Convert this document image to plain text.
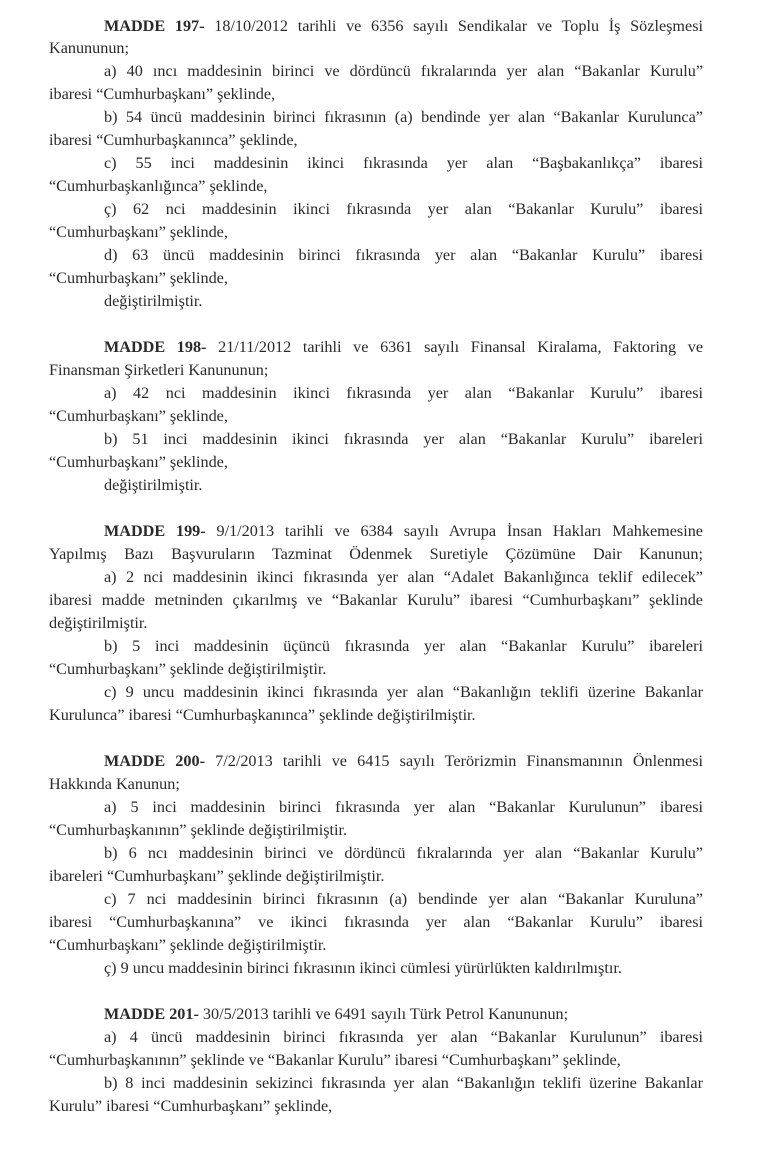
MADDE 197- 18/10/2012 tarihli ve 6356 sayılı Sendikalar ve Toplu İş Sözleşmesi
Kanununun;
a) 40 ıncı maddesinin birinci ve dördüncü fıkralarında yer alan “Bakanlar Kurulu”
ibaresi “Cumhurbaşkanı” şeklinde,
b) 54 üncü maddesinin birinci fıkrasının (a) bendinde yer alan “Bakanlar Kurulunca”
ibaresi “Cumhurbaşkanınca” şeklinde,
c) 55 inci maddesinin ikinci fıkrasında yer alan “Başbakanlıkça” ibaresi
“Cumhurbaşkanlığınca” şeklinde,
ç) 62 nci maddesinin ikinci fıkrasında yer alan “Bakanlar Kurulu” ibaresi
“Cumhurbaşkanı” şeklinde,
d) 63 üncü maddesinin birinci fıkrasında yer alan “Bakanlar Kurulu” ibaresi
“Cumhurbaşkanı” şeklinde,
değiştirilmiştir.
MADDE 198- 21/11/2012 tarihli ve 6361 sayılı Finansal Kiralama, Faktoring ve
Finansman Şirketleri Kanununun;
a) 42 nci maddesinin ikinci fıkrasında yer alan “Bakanlar Kurulu” ibaresi
“Cumhurbaşkanı” şeklinde,
b) 51 inci maddesinin ikinci fıkrasında yer alan “Bakanlar Kurulu” ibareleri
“Cumhurbaşkanı” şeklinde,
değiştirilmiştir.
MADDE 199- 9/1/2013 tarihli ve 6384 sayılı Avrupa İnsan Hakları Mahkemesine
Yapılmış Bazı Başvuruların Tazminat Ödenmek Suretiyle Çözümüne Dair Kanunun;
a) 2 nci maddesinin ikinci fıkrasında yer alan “Adalet Bakanlığınca teklif edilecek”
ibaresi madde metninden çıkarılmış ve “Bakanlar Kurulu” ibaresi “Cumhurbaşkanı” şeklinde
değiştirilmiştir.
b) 5 inci maddesinin üçüncü fıkrasında yer alan “Bakanlar Kurulu” ibareleri
“Cumhurbaşkanı” şeklinde değiştirilmiştir.
c) 9 uncu maddesinin ikinci fıkrasında yer alan “Bakanlığın teklifi üzerine Bakanlar
Kurulunca” ibaresi “Cumhurbaşkanınca” şeklinde değiştirilmiştir.
MADDE 200- 7/2/2013 tarihli ve 6415 sayılı Terörizmin Finansmanının Önlenmesi
Hakkında Kanunun;
a) 5 inci maddesinin birinci fıkrasında yer alan “Bakanlar Kurulunun” ibaresi
“Cumhurbaşkanının” şeklinde değiştirilmiştir.
b) 6 ncı maddesinin birinci ve dördüncü fıkralarında yer alan “Bakanlar Kurulu”
ibareleri “Cumhurbaşkanı” şeklinde değiştirilmiştir.
c) 7 nci maddesinin birinci fıkrasının (a) bendinde yer alan “Bakanlar Kuruluna”
ibaresi “Cumhurbaşkanına” ve ikinci fıkrasında yer alan “Bakanlar Kurulu” ibaresi
“Cumhurbaşkanı” şeklinde değiştirilmiştir.
ç) 9 uncu maddesinin birinci fıkrasının ikinci cümlesi yürürlükten kaldırılmıştır.
MADDE 201- 30/5/2013 tarihli ve 6491 sayılı Türk Petrol Kanununun;
a) 4 üncü maddesinin birinci fıkrasında yer alan “Bakanlar Kurulunun” ibaresi
“Cumhurbaşkanının” şeklinde ve “Bakanlar Kurulu” ibaresi “Cumhurbaşkanı” şeklinde,
b) 8 inci maddesinin sekizinci fıkrasında yer alan “Bakanlığın teklifi üzerine Bakanlar
Kurulu” ibaresi “Cumhurbaşkanı” şeklinde,
